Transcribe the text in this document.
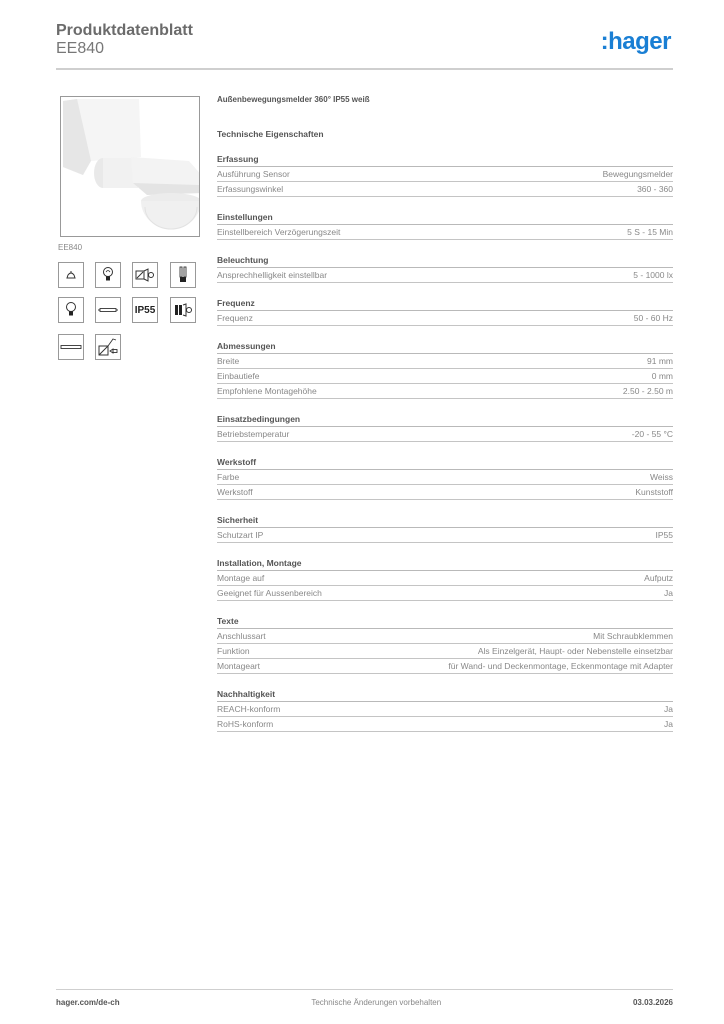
Produktdatenblatt
EE840	:hager
EE840
IP55
Außenbewegungsmelder 360° IP55 weiß
Technische Eigenschaften
Erfassung
Ausführung Sensor	Bewegungsmelder
Erfassungswinkel	360 - 360
Einstellungen
Einstellbereich Verzögerungszeit	5 S - 15 Min
Beleuchtung
Ansprechhelligkeit einstellbar	5 - 1000 lx
Frequenz
Frequenz	50 - 60 Hz
Abmessungen
Breite	91 mm
Einbautiefe	0 mm
Empfohlene Montagehöhe	2.50 - 2.50 m
Einsatzbedingungen
Betriebstemperatur	-20 - 55 °C
Werkstoff
Farbe	Weiss
Werkstoff	Kunststoff
Sicherheit
Schutzart IP	IP55
Installation, Montage
Montage auf	Aufputz
Geeignet für Aussenbereich	Ja
Texte
Anschlussart	Mit Schraubklemmen
Funktion	Als Einzelgerät, Haupt- oder Nebenstelle einsetzbar
Montageart	für Wand- und Deckenmontage, Eckenmontage mit Adapter
Nachhaltigkeit
REACH-konform	Ja
RoHS-konform	Ja
hager.com/de-ch	Technische Änderungen vorbehalten	03.03.2026
